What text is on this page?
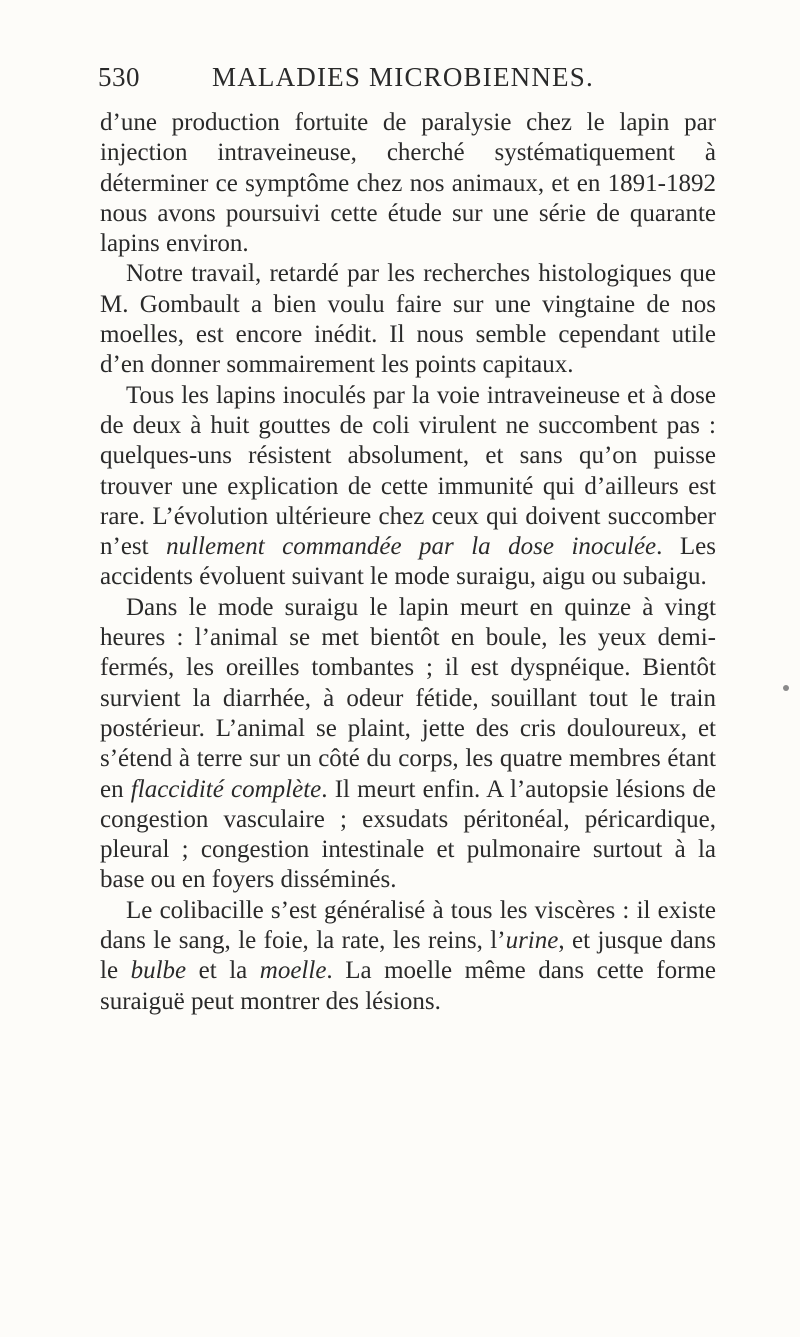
530	MALADIES MICROBIENNES.

d’une production fortuite de paralysie chez le lapin par injection intraveineuse, cherché systématiquement à déterminer ce symptôme chez nos animaux, et en 1891-1892 nous avons poursuivi cette étude sur une série de quarante lapins environ.

Notre travail, retardé par les recherches histologiques que M. Gombault a bien voulu faire sur une vingtaine de nos moelles, est encore inédit. Il nous semble cependant utile d’en donner sommairement les points capitaux.

Tous les lapins inoculés par la voie intraveineuse et à dose de deux à huit gouttes de coli virulent ne succombent pas : quelques-uns résistent absolument, et sans qu’on puisse trouver une explication de cette immunité qui d’ailleurs est rare. L’évolution ultérieure chez ceux qui doivent succomber n’est nullement commandée par la dose inoculée. Les accidents évoluent suivant le mode suraigu, aigu ou subaigu.

Dans le mode suraigu le lapin meurt en quinze à vingt heures : l’animal se met bientôt en boule, les yeux demi-fermés, les oreilles tombantes ; il est dyspnéique. Bientôt survient la diarrhée, à odeur fétide, souillant tout le train postérieur. L’animal se plaint, jette des cris douloureux, et s’étend à terre sur un côté du corps, les quatre membres étant en flaccidité complète. Il meurt enfin. A l’autopsie lésions de congestion vasculaire ; exsudats péritonéal, péricardique, pleural ; congestion intestinale et pulmonaire surtout à la base ou en foyers disséminés.

Le colibacille s’est généralisé à tous les viscères : il existe dans le sang, le foie, la rate, les reins, l’urine, et jusque dans le bulbe et la moelle. La moelle même dans cette forme suraiguë peut montrer des lésions.
